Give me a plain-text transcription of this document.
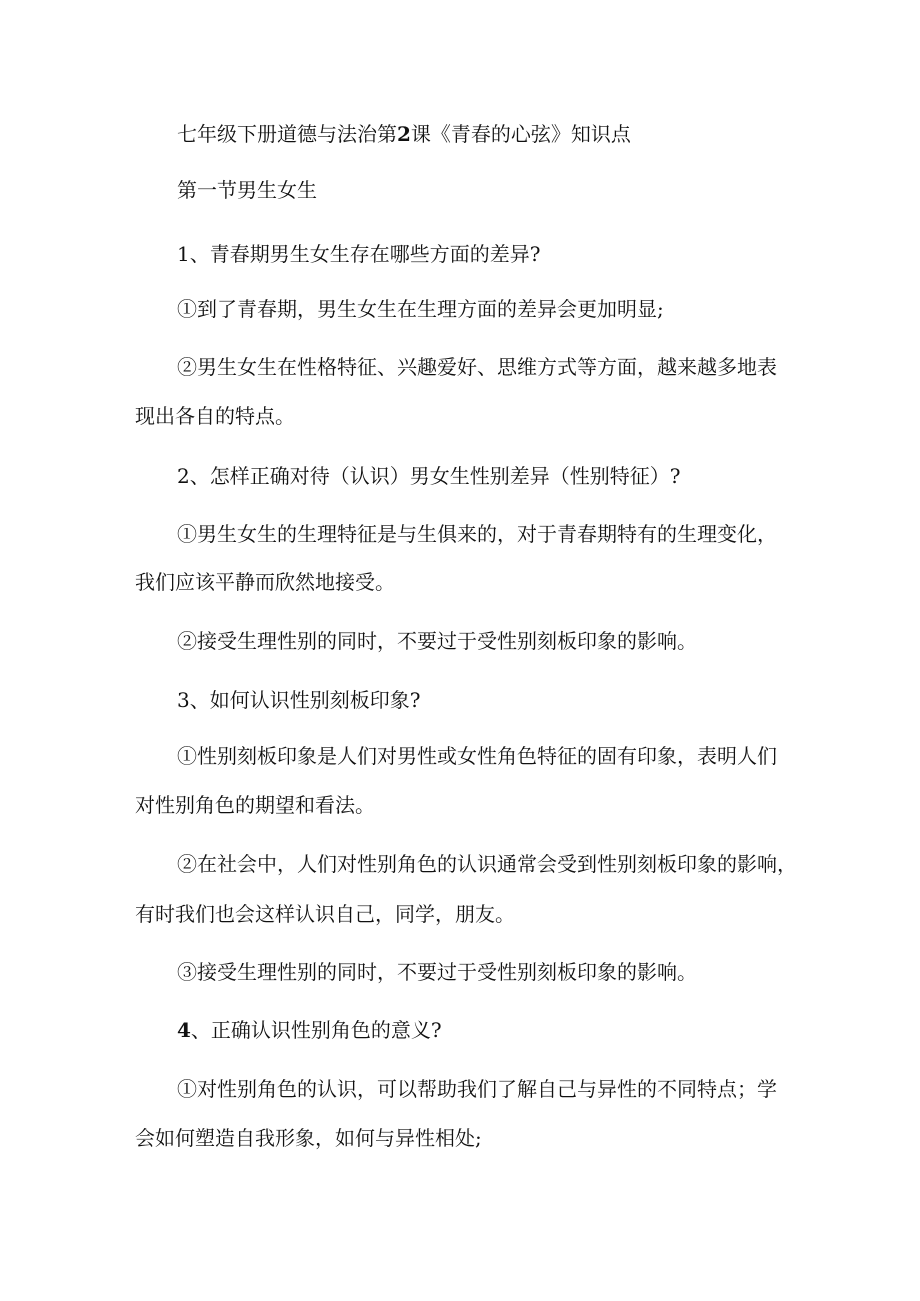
七年级下册道德与法治第2课《青春的心弦》知识点

第一节男生女生

1、青春期男生女生存在哪些方面的差异?

①到了青春期，男生女生在生理方面的差异会更加明显;

②男生女生在性格特征、兴趣爱好、思维方式等方面，越来越多地表

现出各自的特点。

2、怎样正确对待（认识）男女生性别差异（性别特征）?

①男生女生的生理特征是与生俱来的，对于青春期特有的生理变化，

我们应该平静而欣然地接受。

②接受生理性别的同时，不要过于受性别刻板印象的影响。

3、如何认识性别刻板印象?

①性别刻板印象是人们对男性或女性角色特征的固有印象，表明人们

对性别角色的期望和看法。

②在社会中，人们对性别角色的认识通常会受到性别刻板印象的影响，

有时我们也会这样认识自己，同学，朋友。

③接受生理性别的同时，不要过于受性别刻板印象的影响。

4、正确认识性别角色的意义?

①对性别角色的认识，可以帮助我们了解自己与异性的不同特点；学

会如何塑造自我形象，如何与异性相处;
